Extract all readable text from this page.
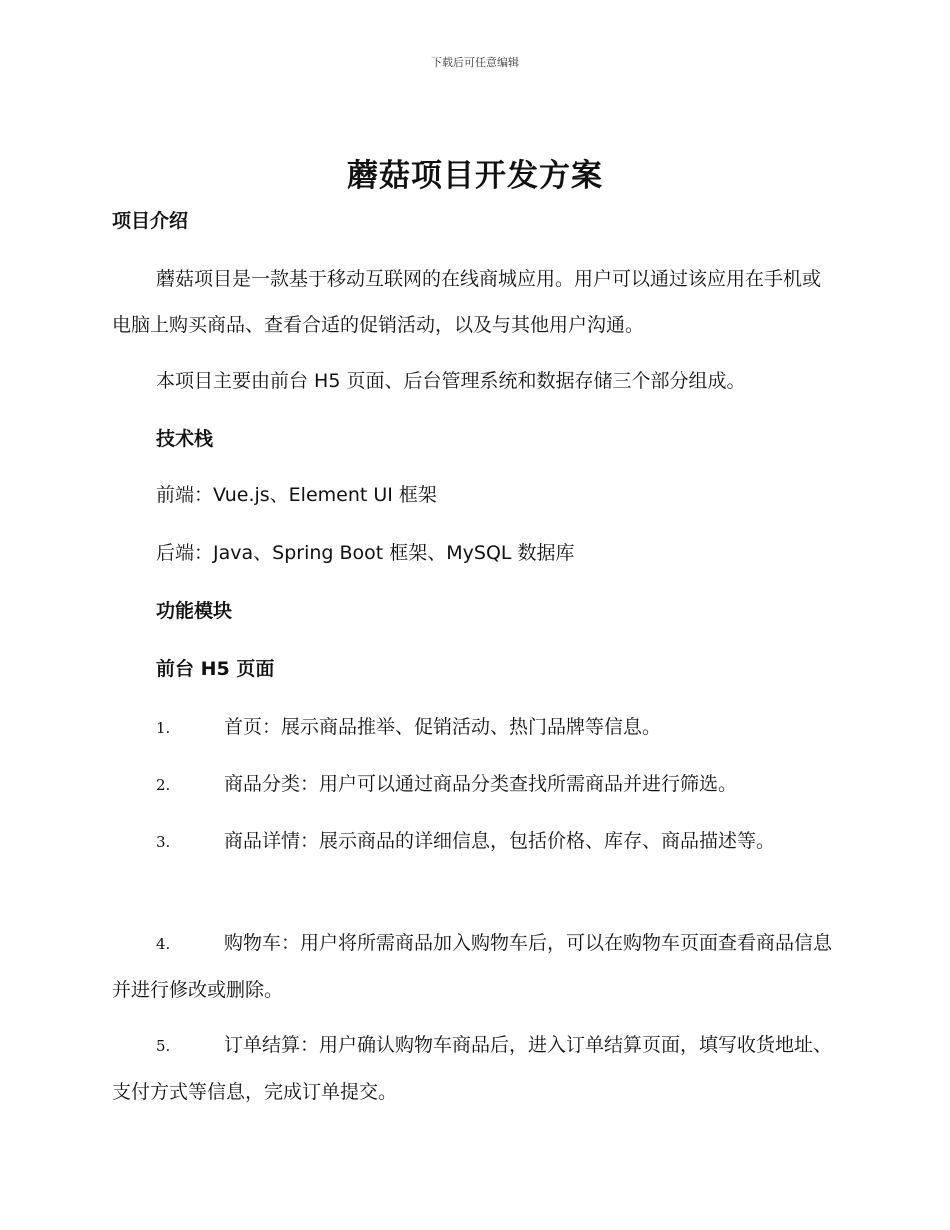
下载后可任意编辑
蘑菇项目开发方案
项目介绍
蘑菇项目是一款基于移动互联网的在线商城应用。用户可以通过该应用在手机或电脑上购买商品、查看合适的促销活动，以及与其他用户沟通。
本项目主要由前台 H5 页面、后台管理系统和数据存储三个部分组成。
技术栈
前端：Vue.js、Element UI 框架
后端：Java、Spring Boot 框架、MySQL 数据库
功能模块
前台 H5 页面
1.	首页：展示商品推举、促销活动、热门品牌等信息。
2.	商品分类：用户可以通过商品分类查找所需商品并进行筛选。
3.	商品详情：展示商品的详细信息，包括价格、库存、商品描述等。
4.	购物车：用户将所需商品加入购物车后，可以在购物车页面查看商品信息并进行修改或删除。
5.	订单结算：用户确认购物车商品后，进入订单结算页面，填写收货地址、支付方式等信息，完成订单提交。
